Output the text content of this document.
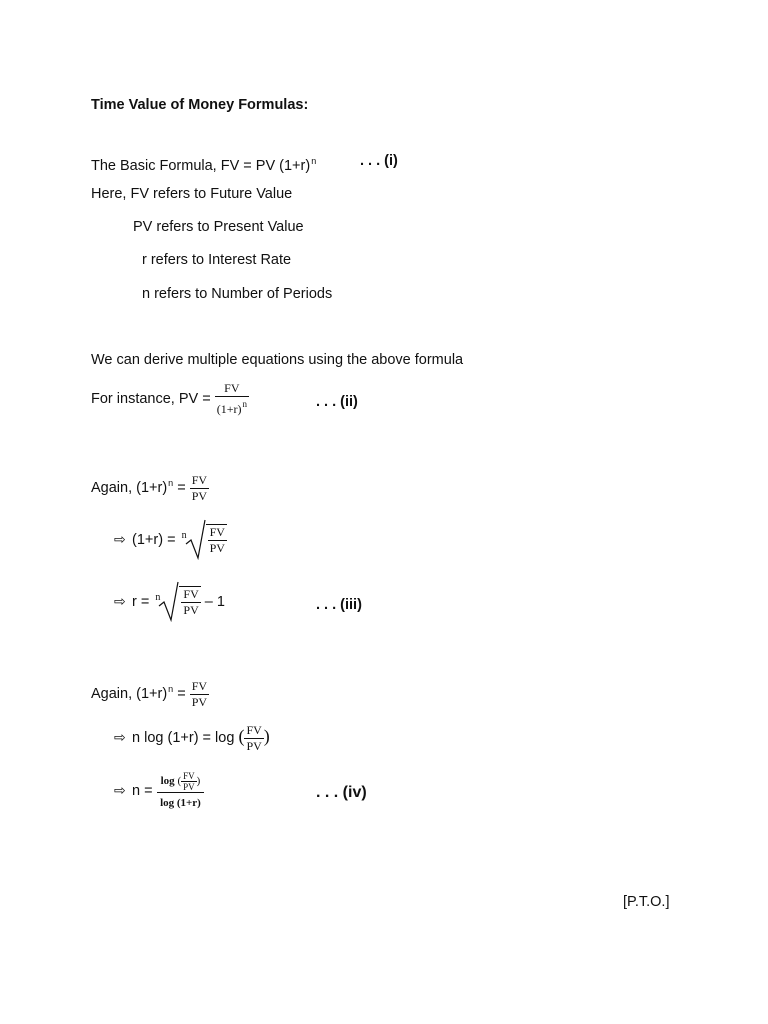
Time Value of Money Formulas:
The Basic Formula, FV = PV $(1+r)^n$	. . . (i)
Here, FV refers to Future Value
PV refers to Present Value
r refers to Interest Rate
n refers to Number of Periods
We can derive multiple equations using the above formula
For instance, PV = $\frac{FV}{(1+r)^n}$	. . . (ii)
Again, $(1+r)^n = \frac{FV}{PV}$
⇨ (1+r) = n $\frac{FV}{PV}$
⇨ r = n $\frac{FV}{PV} - 1$	. . . (iii)
Again, $(1+r)^n = \frac{FV}{PV}$
⇨ n log (1+r) = log ( $\frac{FV}{PV}$ )
⇨ $n = \frac{\log ( \frac{FV}{PV} )}{\log (1+r)}$	. . . (iv)
[P.T.O.]
